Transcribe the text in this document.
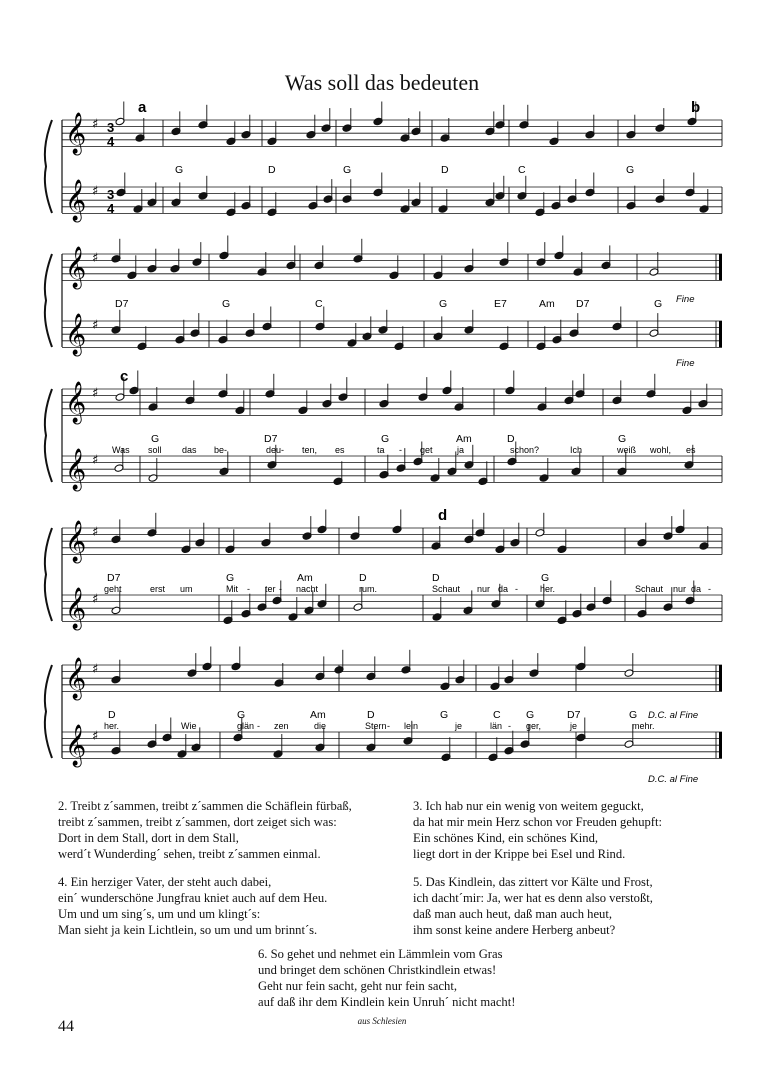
Was soll das bedeuten
𝄞 ♯
𝄞 ♯
3
4
3
4
a	b
G	D	G	D	C	G
𝄞 ♯
𝄞 ♯
D7	G	C	G	E7	Am D7	G
𝄞 ♯
𝄞 ♯
c
G	D7	G	Am	D	G
Was soll das be-	deu- ten, es	ta - get	ja	schon?	Ich	weiß wohl, es
𝄞 ♯
𝄞 ♯
d
D7	G	Am	D	D	G
geht	erst um	Mit - ter - nacht	rum.	Schaut nur da - her.	Schaut nur da -
𝄞 ♯
𝄞 ♯
D	G	Am	D	G	C G	D7	G
her.	Wie	glän - zen	die	Stern - lein	je	län - ger,	je	mehr.
Fine
Fine
D.C. al Fine
D.C. al Fine
2. Treibt z´sammen, treibt z´sammen die Schäflein fürbaß,
treibt z´sammen, treibt z´sammen, dort zeiget sich was:
Dort in dem Stall, dort in dem Stall,
werd´t Wunderding´ sehen, treibt z´sammen einmal.
3. Ich hab nur ein wenig von weitem geguckt,
da hat mir mein Herz schon vor Freuden gehupft:
Ein schönes Kind, ein schönes Kind,
liegt dort in der Krippe bei Esel und Rind.
4. Ein herziger Vater, der steht auch dabei,
ein´ wunderschöne Jungfrau kniet auch auf dem Heu.
Um und um sing´s, um und um klingt´s:
Man sieht ja kein Lichtlein, so um und um brinnt´s.
5. Das Kindlein, das zittert vor Kälte und Frost,
ich dacht´mir: Ja, wer hat es denn also verstoßt,
daß man auch heut, daß man auch heut,
ihm sonst keine andere Herberg anbeut?
6. So gehet und nehmet ein Lämmlein vom Gras
und bringet dem schönen Christkindlein etwas!
Geht nur fein sacht, geht nur fein sacht,
auf daß ihr dem Kindlein kein Unruh´ nicht macht!
44	aus Schlesien
